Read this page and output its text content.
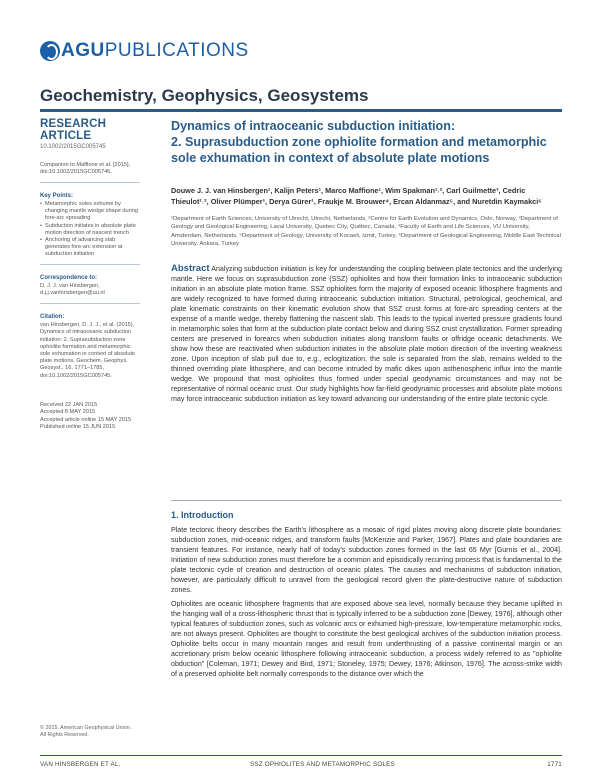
AGUPUBLICATIONS
Geochemistry, Geophysics, Geosystems
RESEARCH ARTICLE
10.1002/2015GC005745
Companion to Maffione et al. [2015], doi:10.1002/2015GC005746.
Key Points:
• Metamorphic soles exhume by changing mantle wedge shape during fore-arc spreading
• Subduction initiates in absolute plate motion direction of nascent trench
• Anchoring of advancing slab generates fore-arc extension at subduction initiation
Correspondence to:
D. J. J. van Hinsbergen,
d.j.j.vanhinsbergen@uu.nl
Citation:
van Hinsbergen, D. J. J., et al. (2015), Dynamics of intraoceanic subduction initiation: 2. Suprasubduction zone ophiolite formation and metamorphic sole exhumation in context of absolute plate motions, Geochem. Geophys. Geosyst., 16, 1771–1785, doi:10.1002/2015GC005745.
Received 22 JAN 2015
Accepted 8 MAY 2015
Accepted article online 15 MAY 2015
Published online 15 JUN 2015
© 2015. American Geophysical Union.
All Rights Reserved.
Dynamics of intraoceanic subduction initiation:
2. Suprasubduction zone ophiolite formation and metamorphic
sole exhumation in context of absolute plate motions
Douwe J. J. van Hinsbergen¹, Kalijn Peters¹, Marco Maffione¹, Wim Spakman¹˒², Carl Guilmette³, Cedric Thieulot¹˒², Oliver Plümper¹, Derya Gürer¹, Fraukje M. Brouwer⁴, Ercan Aldanmaz⁵, and Nuretdin Kaymakci⁶
¹Department of Earth Sciences, University of Utrecht, Utrecht, Netherlands, ²Centre for Earth Evolution and Dynamics, Oslo, Norway, ³Department of Geology and Geological Engineering, Laval University, Quebec City, Québec, Canada, ⁴Faculty of Earth and Life Sciences, VU University, Amsterdam, Netherlands, ⁵Department of Geology, University of Kocaeli, Izmit, Turkey, ⁶Department of Geological Engineering, Middle East Technical University, Ankara, Turkey
Abstract Analyzing subduction initiation is key for understanding the coupling between plate tectonics and the underlying mantle. Here we focus on suprasubduction zone (SSZ) ophiolites and how their formation links to intraoceanic subduction initiation in an absolute plate motion frame. SSZ ophiolites form the majority of exposed oceanic lithosphere fragments and are widely recognized to have formed during intraoceanic subduction initiation. Structural, petrological, geochemical, and plate kinematic constraints on their kinematic evolution show that SSZ crust forms at fore-arc spreading centers at the expense of a mantle wedge, thereby flattening the nascent slab. This leads to the typical inverted pressure gradients found in metamorphic soles that form at the subduction plate contact below and during SSZ crust crystallization. Former spreading centers are preserved in forearcs when subduction initiates along transform faults or offridge oceanic detachments. We show how these are reactivated when subduction initiates in the absolute plate motion direction of the inverting weakness zone. Upon inception of slab pull due to, e.g., eclogitization, the sole is separated from the slab, remains welded to the thinned overriding plate lithosphere, and can become intruded by mafic dikes upon asthenospheric influx into the mantle wedge. We propound that most ophiolites thus formed under special geodynamic circumstances and may not be representative of normal oceanic crust. Our study highlights how far-field geodynamic processes and absolute plate motions may force intraoceanic subduction initiation as key toward advancing our understanding of the entire plate tectonic cycle.
1. Introduction

Plate tectonic theory describes the Earth's lithosphere as a mosaic of rigid plates moving along discrete plate boundaries: subduction zones, mid-oceanic ridges, and transform faults [McKenzie and Parker, 1967]. Plates and plate boundaries are transient features. For instance, nearly half of today's subduction zones formed in the last 65 Myr [Gurnis et al., 2004]. Initiation of new subduction zones must therefore be a common and episodically recurring process that is fundamental to the plate tectonic cycle of creation and destruction of oceanic plates. The causes and mechanisms of subduction initiation, however, are particularly difficult to unravel from the geological record given the plate-destructive nature of subduction zones.

Ophiolites are oceanic lithosphere fragments that are exposed above sea level, normally because they became uplifted in the hanging wall of a cross-lithospheric thrust that is typically inferred to be a subduction zone [Dewey, 1976], although other typical features of subduction zones, such as volcanic arcs or exhumed high-pressure, low-temperature metamorphic rocks, are not always present. Ophiolites are thought to constitute the best geological archives of the subduction initiation process. Ophiolite belts occur in many mountain ranges and result from underthrusting of a passive continental margin or an accretionary prism below oceanic lithosphere following intraoceanic subduction, a process widely referred to as "ophiolite obduction" [Coleman, 1971; Dewey and Bird, 1971; Stoneley, 1975; Dewey, 1976; Atkinson, 1976]. The across-strike width of a preserved ophiolite belt normally corresponds to the distance over which the

VAN HINSBERGEN ET AL.	SSZ OPHIOLITES AND METAMORPHIC SOLES	1771
